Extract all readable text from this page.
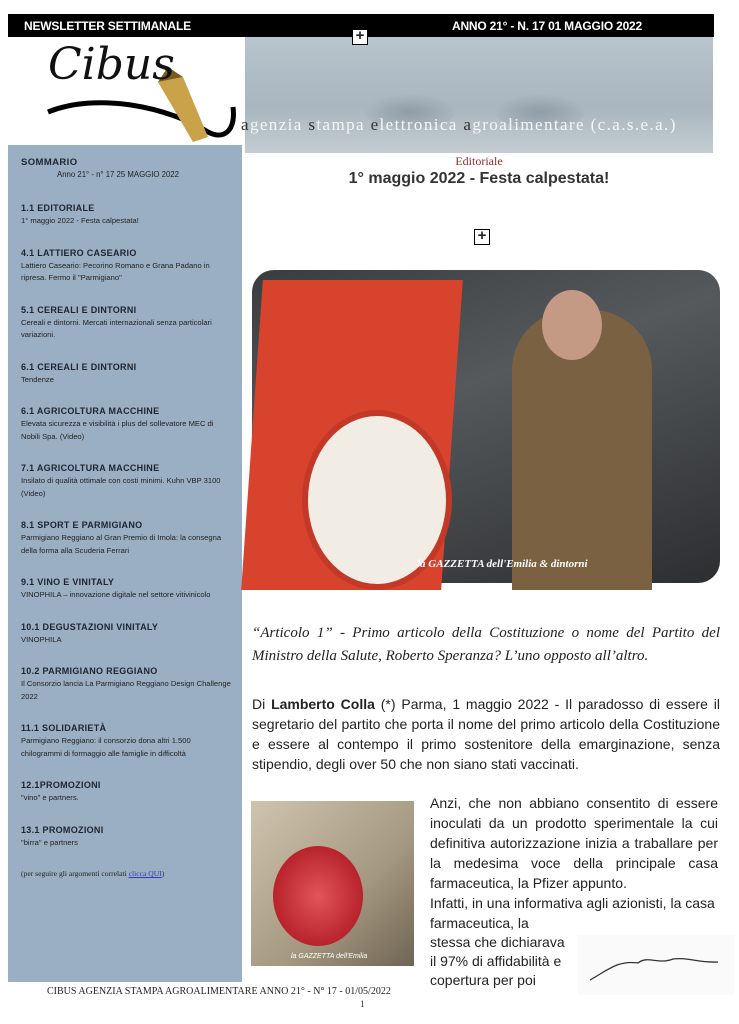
NEWSLETTER SETTIMANALE	ANNO 21° - N. 17 01 MAGGIO 2022
Cibus
agenzia stampa elettronica agroalimentare (c.a.s.e.a.)
+
SOMMARIO
Anno 21° - n° 17 25 MAGGIO 2022
1.1 EDITORIALE

1° maggio 2022 - Festa calpestata!

4.1 LATTIERO CASEARIO

Lattiero Caseario: Pecorino Romano e Grana Padano in ripresa. Fermo il "Parmigiano"

5.1 CEREALI E DINTORNI

Cereali e dintorni. Mercati internazionali senza particolari variazioni.

6.1 CEREALI E DINTORNI

Tendenze

6.1 AGRICOLTURA MACCHINE

Elevata sicurezza e visibilità i plus del sollevatore MEC di Nobili Spa. (Video)

7.1 AGRICOLTURA MACCHINE

Insilato di qualità ottimale con costi minimi. Kuhn VBP 3100 (Video)

8.1 SPORT E PARMIGIANO

Parmigiano Reggiano al Gran Premio di Imola: la consegna della forma alla Scuderia Ferrari

9.1 VINO E VINITALY

VINOPHILA – innovazione digitale nel settore vitivinicolo

10.1 DEGUSTAZIONI VINITALY

VINOPHILA

10.2 PARMIGIANO REGGIANO

Il Consorzio lancia La Parmigiano Reggiano Design Challenge 2022

11.1 SOLIDARIETÀ

Parmigiano Reggiano: il consorzio dona altri 1.500 chilogrammi di formaggio alle famiglie in difficoltà

12.1PROMOZIONI

"vino" e partners.

13.1 PROMOZIONI

"birra" e partners

(per seguire gli argomenti correlati clicca QUI)
Editoriale
1° maggio 2022 - Festa calpestata!
+
la GAZZETTA dell'Emilia & dintorni
“Articolo 1” - Primo articolo della Costituzione o nome del Partito del Ministro della Salute, Roberto Speranza? L’uno opposto all’altro.
Di Lamberto Colla (*) Parma, 1 maggio 2022 - Il paradosso di essere il segretario del partito che porta il nome del primo articolo della Costituzione e essere al contempo il primo sostenitore della emarginazione, senza stipendio, degli over 50 che non siano stati vaccinati.
la GAZZETTA dell'Emilia
Anzi, che non abbiano consentito di essere inoculati da un prodotto sperimentale la cui definitiva autorizzazione inizia a traballare per la medesima voce della principale casa farmaceutica, la Pfizer appunto.
Infatti, in una informativa agli azionisti, la casa
farmaceutica, la stessa che dichiarava il 97% di affidabilità e copertura per poi
CIBUS AGENZIA STAMPA AGROALIMENTARE ANNO 21° - N° 17 - 01/05/2022
1
